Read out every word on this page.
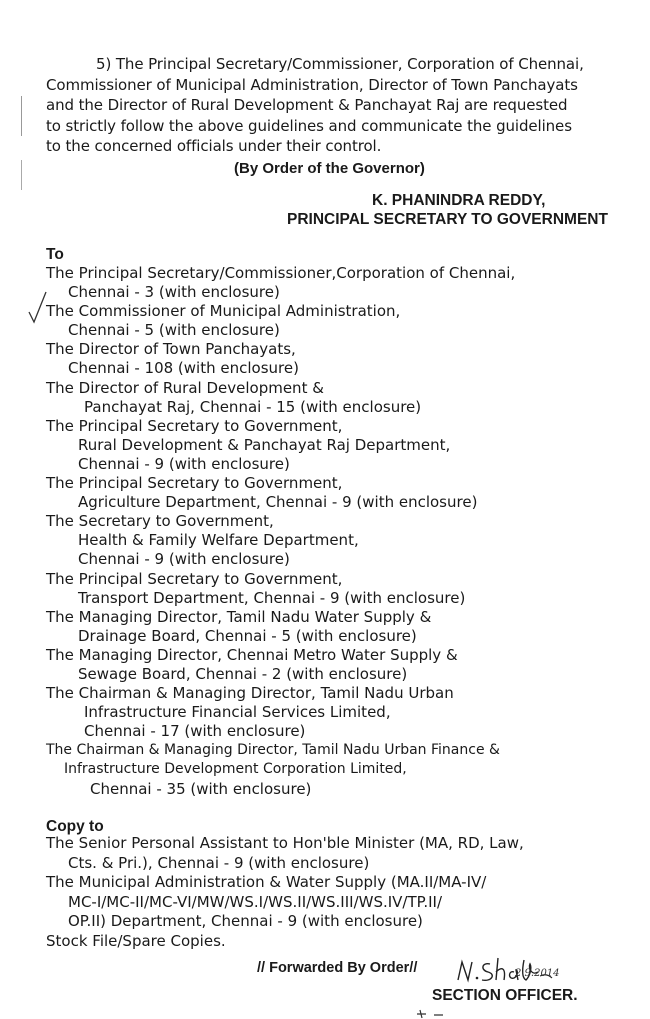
5) The Principal Secretary/Commissioner, Corporation of Chennai,
Commissioner of Municipal Administration, Director of Town Panchayats
and the Director of Rural Development & Panchayat Raj are requested
to strictly follow the above guidelines and communicate the guidelines
to the concerned officials under their control.
(By Order of the Governor)
K. PHANINDRA REDDY,
PRINCIPAL SECRETARY TO GOVERNMENT
To
The Principal Secretary/Commissioner,Corporation of Chennai,
Chennai - 3 (with enclosure)
The Commissioner of Municipal Administration,
Chennai - 5 (with enclosure)
The Director of Town Panchayats,
Chennai - 108 (with enclosure)
The Director of Rural Development &
Panchayat Raj, Chennai - 15 (with enclosure)
The Principal Secretary to Government,
Rural Development & Panchayat Raj Department,
Chennai - 9 (with enclosure)
The Principal Secretary to Government,
Agriculture Department, Chennai - 9 (with enclosure)
The Secretary to Government,
Health & Family Welfare Department,
Chennai - 9 (with enclosure)
The Principal Secretary to Government,
Transport Department, Chennai - 9 (with enclosure)
The Managing Director, Tamil Nadu Water Supply &
Drainage Board, Chennai - 5 (with enclosure)
The Managing Director, Chennai Metro Water Supply &
Sewage Board, Chennai - 2 (with enclosure)
The Chairman & Managing Director, Tamil Nadu Urban
Infrastructure Financial Services Limited,
Chennai - 17 (with enclosure)
The Chairman & Managing Director, Tamil Nadu Urban Finance &
Infrastructure Development Corporation Limited,
Chennai - 35 (with enclosure)
Copy to
The Senior Personal Assistant to Hon'ble Minister (MA, RD, Law,
Cts. & Pri.), Chennai - 9 (with enclosure)
The Municipal Administration & Water Supply (MA.II/MA-IV/
MC-I/MC-II/MC-VI/MW/WS.I/WS.II/WS.III/WS.IV/TP.II/
OP.II) Department, Chennai - 9 (with enclosure)
Stock File/Spare Copies.
// Forwarded By Order//	2.9.2014
SECTION OFFICER.
